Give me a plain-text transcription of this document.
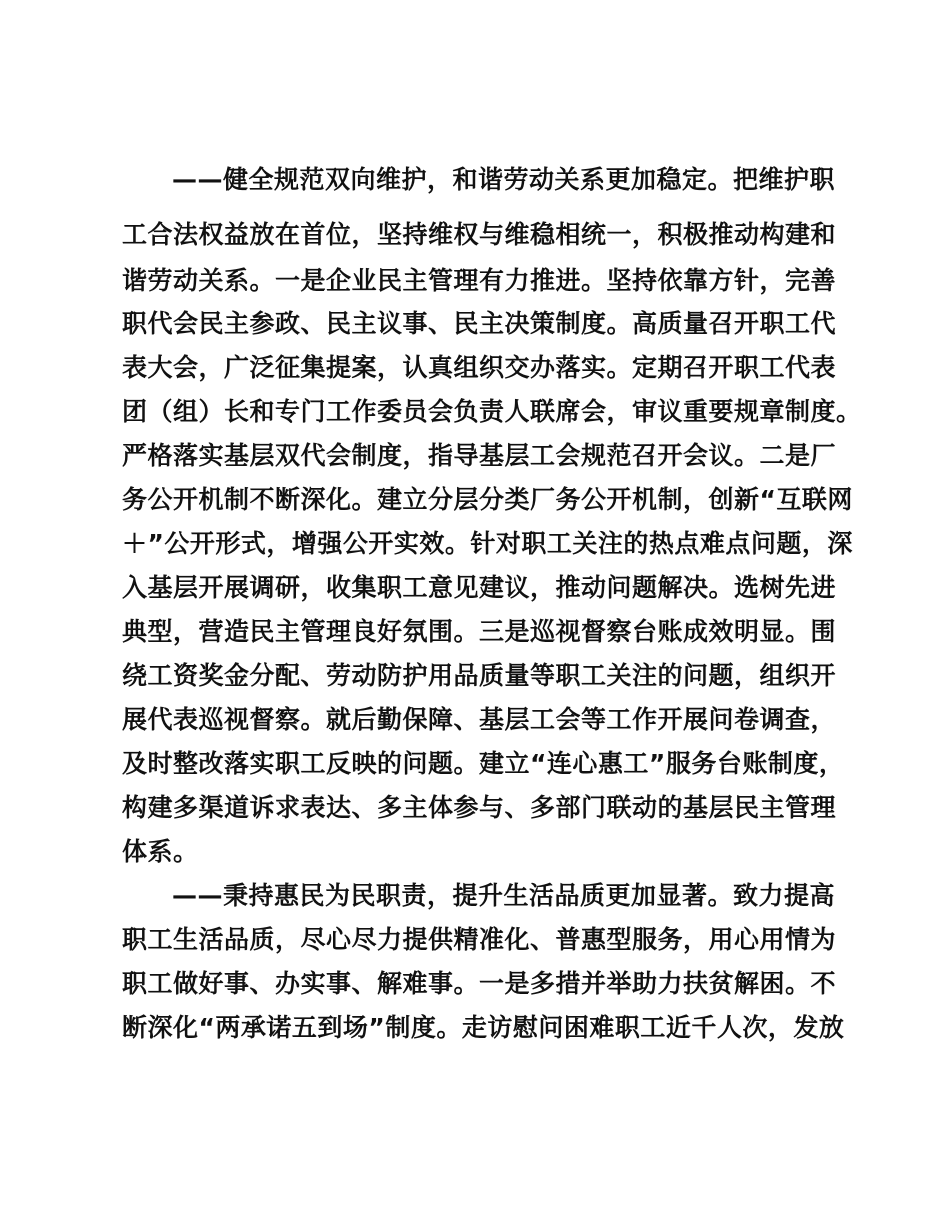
——健全规范双向维护，和谐劳动关系更加稳定。把维护职
工合法权益放在首位，坚持维权与维稳相统一，积极推动构建和
谐劳动关系。一是企业民主管理有力推进。坚持依靠方针，完善
职代会民主参政、民主议事、民主决策制度。高质量召开职工代
表大会，广泛征集提案，认真组织交办落实。定期召开职工代表
团（组）长和专门工作委员会负责人联席会，审议重要规章制度。
严格落实基层双代会制度，指导基层工会规范召开会议。二是厂
务公开机制不断深化。建立分层分类厂务公开机制，创新“互联网
＋”公开形式，增强公开实效。针对职工关注的热点难点问题，深
入基层开展调研，收集职工意见建议，推动问题解决。选树先进
典型，营造民主管理良好氛围。三是巡视督察台账成效明显。围
绕工资奖金分配、劳动防护用品质量等职工关注的问题，组织开
展代表巡视督察。就后勤保障、基层工会等工作开展问卷调查，
及时整改落实职工反映的问题。建立“连心惠工”服务台账制度，
构建多渠道诉求表达、多主体参与、多部门联动的基层民主管理
体系。
——秉持惠民为民职责，提升生活品质更加显著。致力提高
职工生活品质，尽心尽力提供精准化、普惠型服务，用心用情为
职工做好事、办实事、解难事。一是多措并举助力扶贫解困。不
断深化“两承诺五到场”制度。走访慰问困难职工近千人次，发放
